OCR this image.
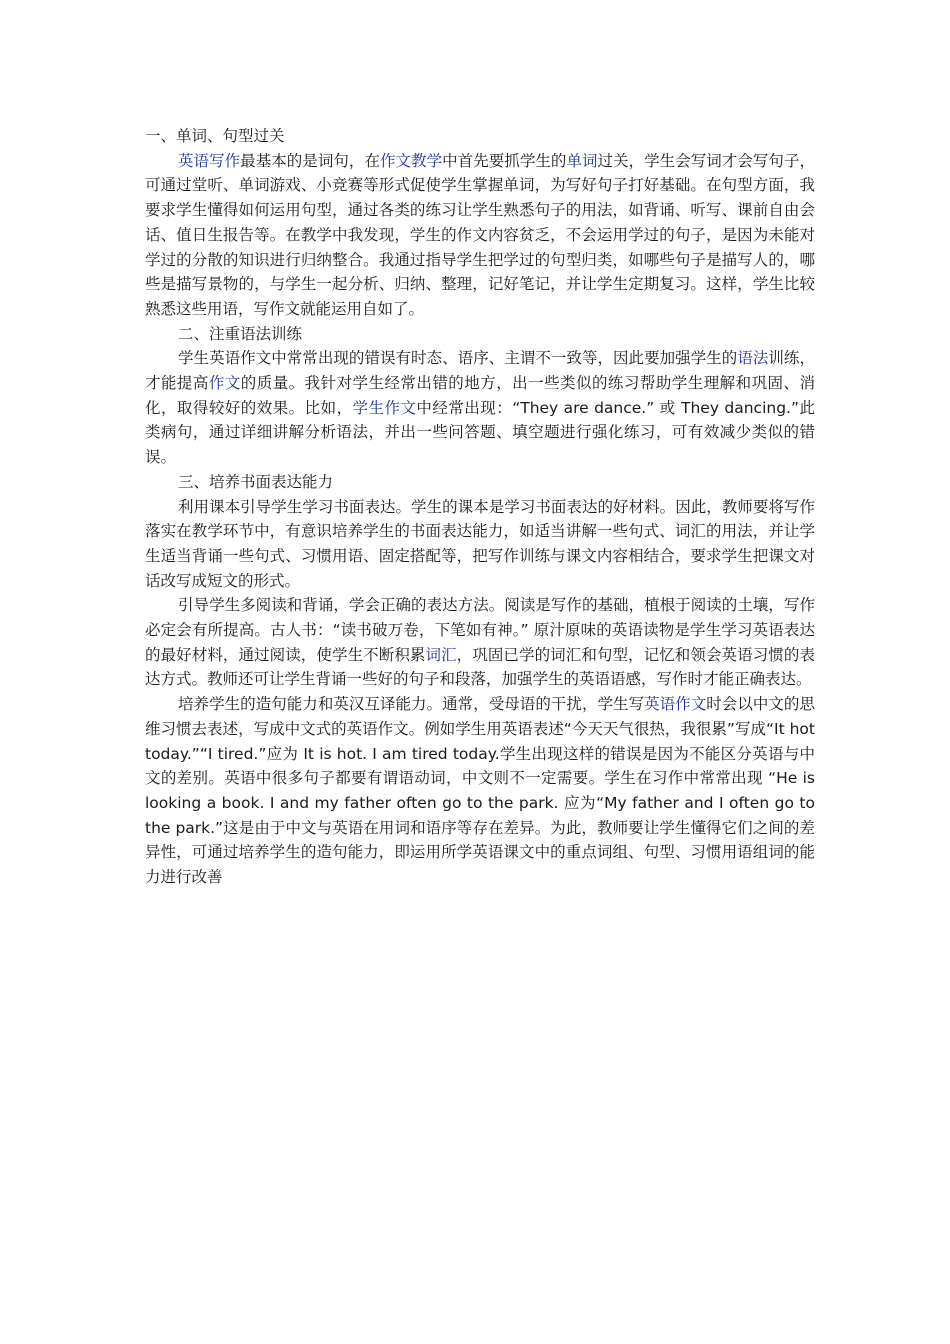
一、单词、句型过关

英语写作最基本的是词句，在作文教学中首先要抓学生的单词过关，学生会写词才会写句子，可通过堂听、单词游戏、小竞赛等形式促使学生掌握单词，为写好句子打好基础。在句型方面，我要求学生懂得如何运用句型，通过各类的练习让学生熟悉句子的用法，如背诵、听写、课前自由会话、值日生报告等。在教学中我发现，学生的作文内容贫乏，不会运用学过的句子，是因为未能对学过的分散的知识进行归纳整合。我通过指导学生把学过的句型归类，如哪些句子是描写人的，哪些是描写景物的，与学生一起分析、归纳、整理，记好笔记，并让学生定期复习。这样，学生比较熟悉这些用语，写作文就能运用自如了。

二、注重语法训练

学生英语作文中常常出现的错误有时态、语序、主谓不一致等，因此要加强学生的语法训练，才能提高作文的质量。我针对学生经常出错的地方，出一些类似的练习帮助学生理解和巩固、消化，取得较好的效果。比如，学生作文中经常出现：“They are dance.” 或 They dancing.”此类病句，通过详细讲解分析语法，并出一些问答题、填空题进行强化练习，可有效减少类似的错误。

三、培养书面表达能力

利用课本引导学生学习书面表达。学生的课本是学习书面表达的好材料。因此，教师要将写作落实在教学环节中，有意识培养学生的书面表达能力，如适当讲解一些句式、词汇的用法，并让学生适当背诵一些句式、习惯用语、固定搭配等，把写作训练与课文内容相结合，要求学生把课文对话改写成短文的形式。

引导学生多阅读和背诵，学会正确的表达方法。阅读是写作的基础，植根于阅读的土壤，写作必定会有所提高。古人书：“读书破万卷，下笔如有神。” 原汁原味的英语读物是学生学习英语表达的最好材料，通过阅读，使学生不断积累词汇，巩固已学的词汇和句型，记忆和领会英语习惯的表达方式。教师还可让学生背诵一些好的句子和段落，加强学生的英语语感，写作时才能正确表达。

培养学生的造句能力和英汉互译能力。通常，受母语的干扰，学生写英语作文时会以中文的思维习惯去表述，写成中文式的英语作文。例如学生用英语表述“今天天气很热，我很累”写成“It hot today.”“I tired.”应为 It is hot. I am tired today.学生出现这样的错误是因为不能区分英语与中文的差别。英语中很多句子都要有谓语动词，中文则不一定需要。学生在习作中常常出现 “He is looking a book. I and my father often go to the park. 应为“My father and I often go to the park.”这是由于中文与英语在用词和语序等存在差异。为此，教师要让学生懂得它们之间的差异性，可通过培养学生的造句能力，即运用所学英语课文中的重点词组、句型、习惯用语组词的能力进行改善
